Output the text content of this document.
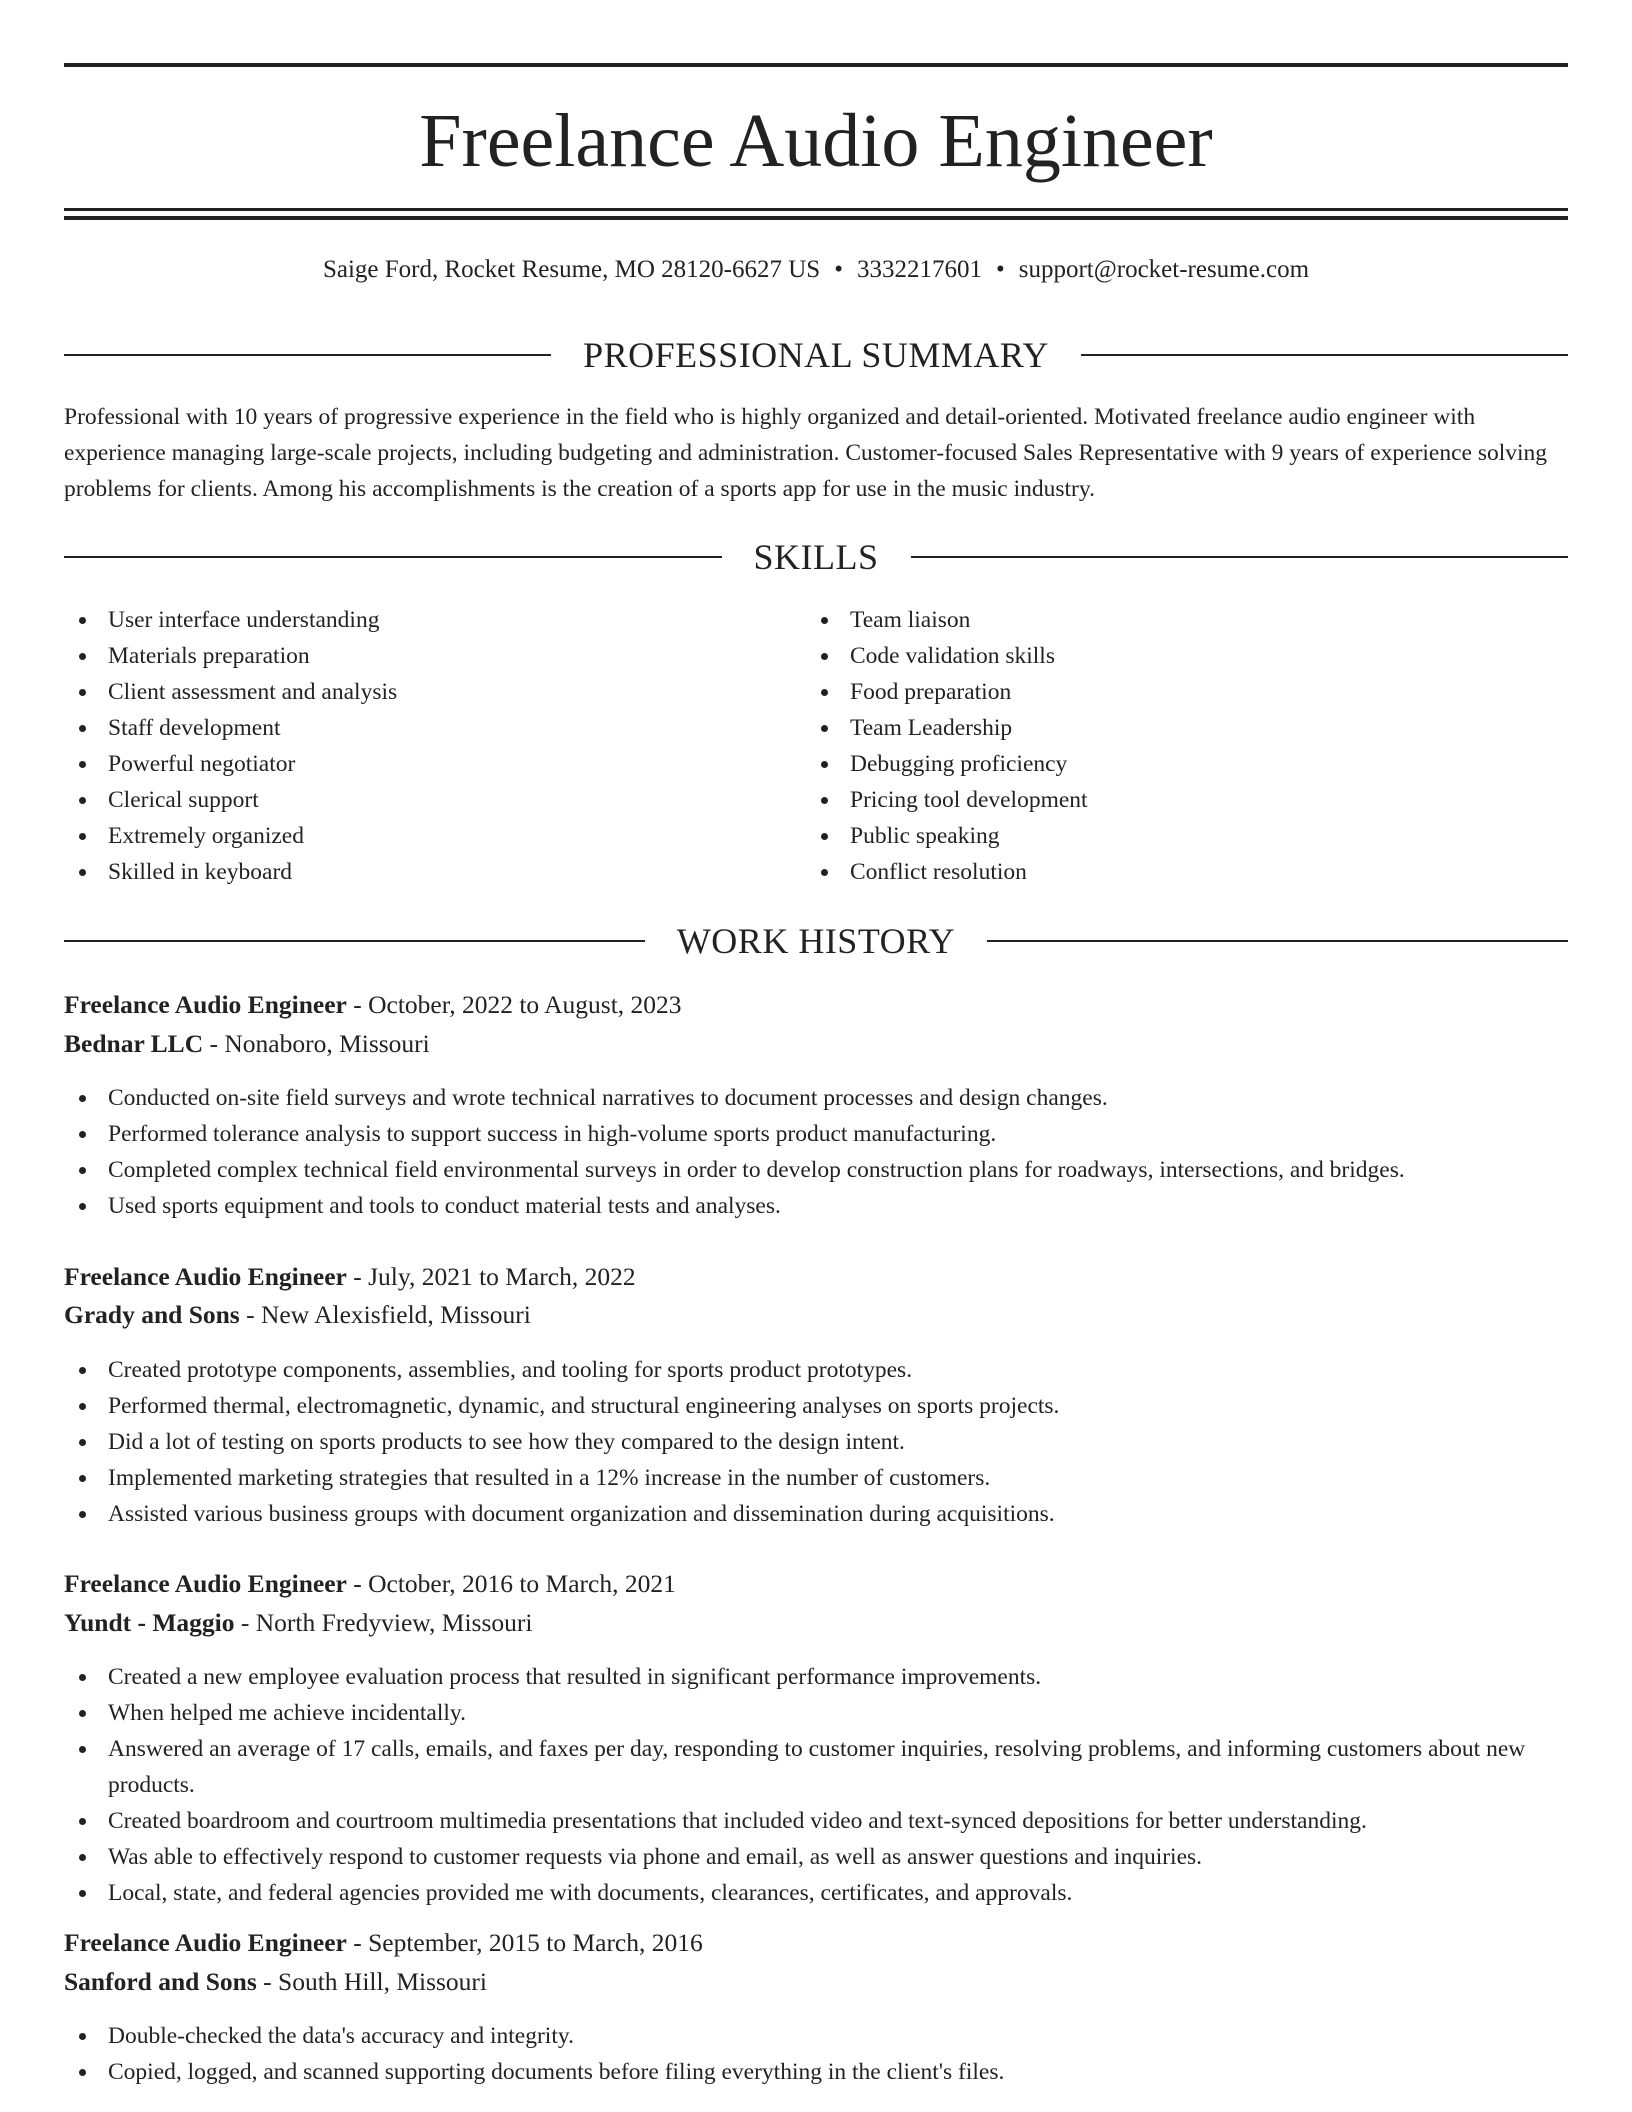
Freelance Audio Engineer
Saige Ford, Rocket Resume, MO 28120-6627 US • 3332217601 • support@rocket-resume.com
PROFESSIONAL SUMMARY

Professional with 10 years of progressive experience in the field who is highly organized and detail-oriented. Motivated freelance audio engineer with experience managing large-scale projects, including budgeting and administration. Customer-focused Sales Representative with 9 years of experience solving problems for clients. Among his accomplishments is the creation of a sports app for use in the music industry.

SKILLS
User interface understanding
Materials preparation
Client assessment and analysis
Staff development
Powerful negotiator
Clerical support
Extremely organized
Skilled in keyboard
Team liaison
Code validation skills
Food preparation
Team Leadership
Debugging proficiency
Pricing tool development
Public speaking
Conflict resolution
WORK HISTORY
Freelance Audio Engineer - October, 2022 to August, 2023
Bednar LLC - Nonaboro, Missouri
Conducted on-site field surveys and wrote technical narratives to document processes and design changes.
Performed tolerance analysis to support success in high-volume sports product manufacturing.
Completed complex technical field environmental surveys in order to develop construction plans for roadways, intersections, and bridges.
Used sports equipment and tools to conduct material tests and analyses.
Freelance Audio Engineer - July, 2021 to March, 2022
Grady and Sons - New Alexisfield, Missouri
Created prototype components, assemblies, and tooling for sports product prototypes.
Performed thermal, electromagnetic, dynamic, and structural engineering analyses on sports projects.
Did a lot of testing on sports products to see how they compared to the design intent.
Implemented marketing strategies that resulted in a 12% increase in the number of customers.
Assisted various business groups with document organization and dissemination during acquisitions.
Freelance Audio Engineer - October, 2016 to March, 2021
Yundt - Maggio - North Fredyview, Missouri
Created a new employee evaluation process that resulted in significant performance improvements.
When helped me achieve incidentally.
Answered an average of 17 calls, emails, and faxes per day, responding to customer inquiries, resolving problems, and informing customers about new products.
Created boardroom and courtroom multimedia presentations that included video and text-synced depositions for better understanding.
Was able to effectively respond to customer requests via phone and email, as well as answer questions and inquiries.
Local, state, and federal agencies provided me with documents, clearances, certificates, and approvals.
Freelance Audio Engineer - September, 2015 to March, 2016
Sanford and Sons - South Hill, Missouri
Double-checked the data's accuracy and integrity.
Copied, logged, and scanned supporting documents before filing everything in the client's files.
